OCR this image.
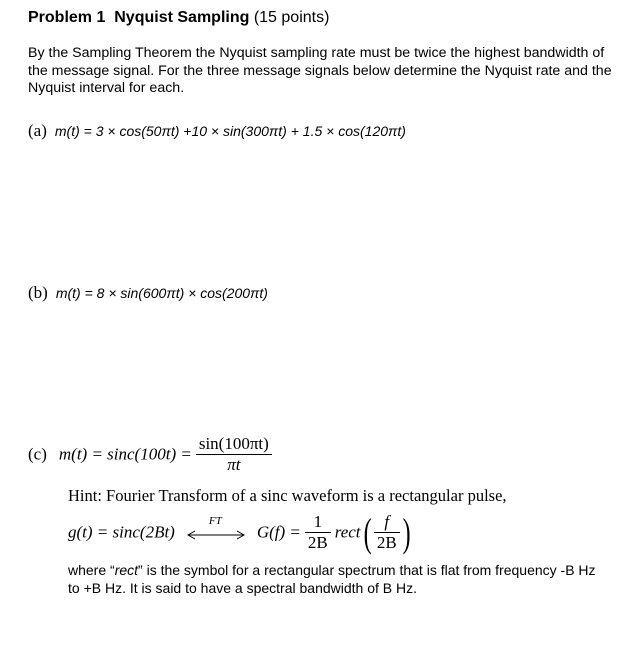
Problem 1 Nyquist Sampling (15 points)
By the Sampling Theorem the Nyquist sampling rate must be twice the highest bandwidth of the message signal. For the three message signals below determine the Nyquist rate and the Nyquist interval for each.
(a) m(t) = 3 × cos(50πt) +10 × sin(300πt) + 1.5 × cos(120πt)
(b) m(t) = 8 × sin(600πt) × cos(200πt)
(c) $m(t) = \sin c(100t) = \frac{\sin(100\pi t)}{\pi t}$
Hint: Fourier Transform of a sinc waveform is a rectangular pulse,
g(t) = sinc(2Bt)
FT
$G(f) = \frac{1}{2B}$ rect( $\frac{f}{2B}$ )
where “rect” is the symbol for a rectangular spectrum that is flat from frequency -B Hz to +B Hz. It is said to have a spectral bandwidth of B Hz.
